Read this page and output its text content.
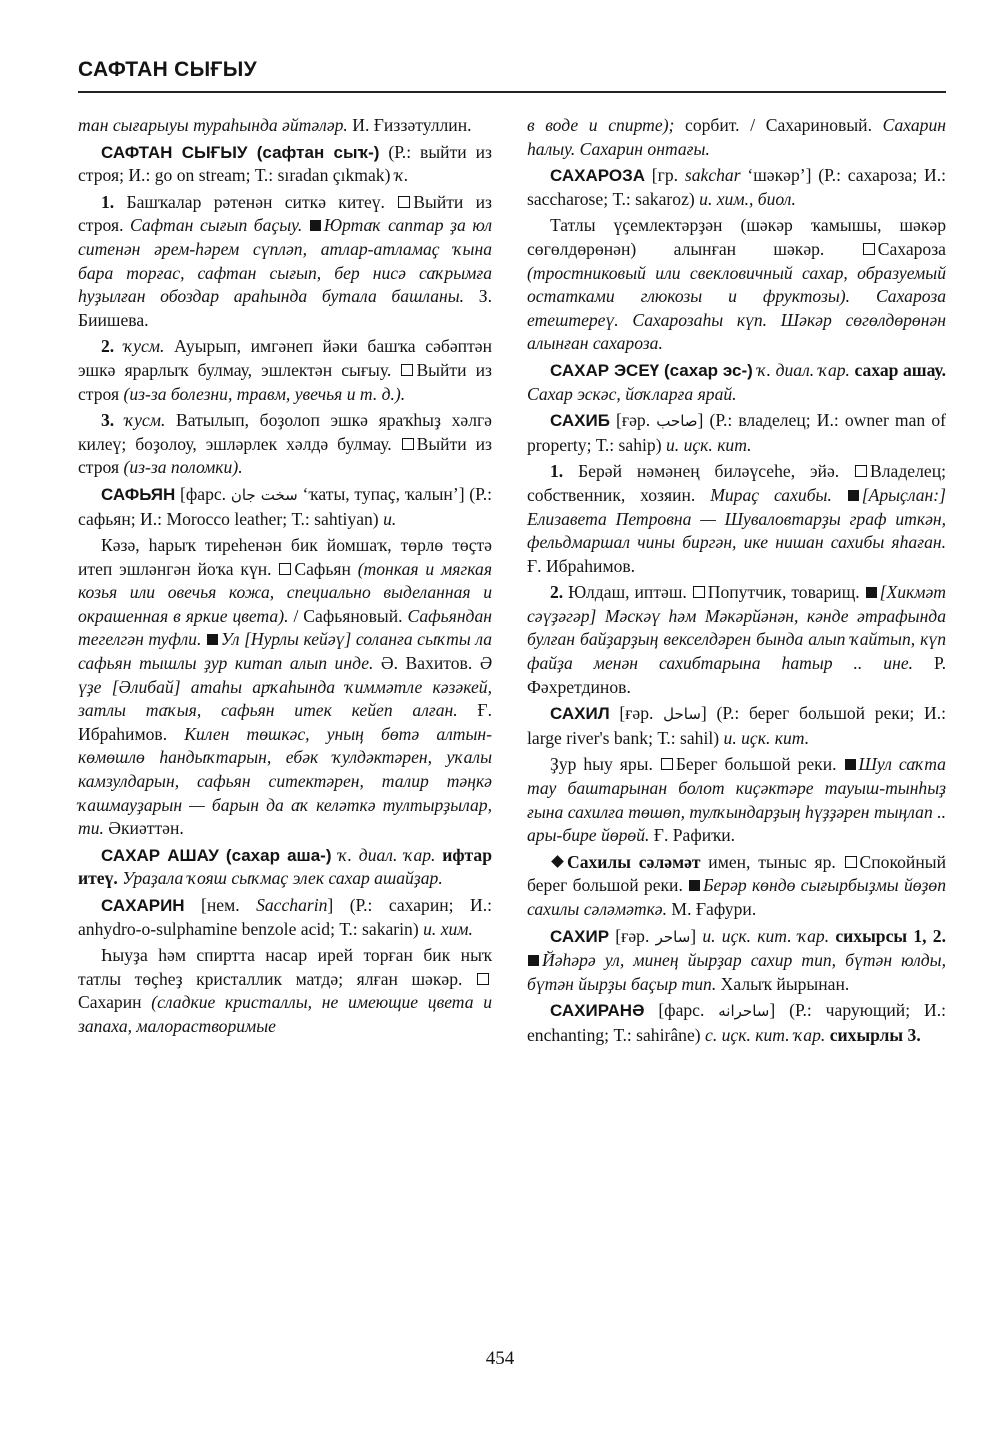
САФТАН СЫҒЫУ

тан сығарыуы тураһында әйтәләр. И. Ғиззәтуллин.

САФТАН СЫҒЫУ (сафтан сыҡ-) (Р.: выйти из строя; И.: go on stream; Т.: sıradan çıkmak) ҡ.

1. Башҡалар рәтенән ситкә китеү. Выйти из строя. Сафтан сығып баҫыу. Юртаҡ саптар ҙа юл ситенән әрем-һәрем сүпләп, атлар-атламаҫ ҡына бара торғас, сафтан сығып, бер нисә саҡрымға һуҙылған обоздар араһында бутала башланы. З. Биишева.

2. ҡусм. Ауырып, имгәнеп йәки башҡа сәбәптән эшкә ярарлыҡ булмау, эшлектән сығыу. Выйти из строя (из-за болезни, травм, увечья и т. д.).

3. ҡусм. Ватылып, боҙолоп эшкә яраҡһыҙ хәлгә килеү; боҙолоу, эшләрлек хәлдә булмау. Выйти из строя (из-за поломки).

САФЬЯН [фарс. سخت جان ‘ҡаты, тупаҫ, ҡалын’] (Р.: сафьян; И.: Morocco leather; Т.: sahtiyan) и.

Кәзә, һарыҡ тиреһенән бик йомшаҡ, төрлө төҫтә итеп эшләнгән йоҡа күн. Сафьян (тонкая и мягкая козья или овечья кожа, специально выделанная и окрашенная в яркие цвета). / Сафьяновый. Сафьяндан тегелгән туфли. Ул [Нурлы кейәү] соланға сыҡты ла сафьян тышлы ҙур китап алып инде. Ә. Вахитов. Ә үҙе [Әлибай] атаһы арҡаһында ҡиммәтле кәзәкей, затлы таҡыя, сафьян итек кейеп алған. Ғ. Ибраһимов. Килен төшкәс, уның бөтә алтын-көмөшлө һандыҡтарын, ебәк ҡулдәктәрен, уҡалы камзулдарын, сафьян ситектәрен, талир тәңкә ҡашмауҙарын — барын да аҡ келәткә тултырҙылар, ти. Әкиәттән.

САХАР АШАУ (сахар аша-) ҡ. диал. ҡар. ифтар итеү. Ураҙала ҡояш сыҡмаҫ элек сахар ашайҙар.

САХАРИН [нем. Saccharin] (Р.: сахарин; И.: anhydro-o-sulphamine benzole acid; Т.: sakarin) и. хим.

Һыуҙа һәм спиртта насар ирей торған бик ныҡ татлы төҫһеҙ кристаллик матдә; ялған шәкәр. Сахарин (сладкие кристаллы, не имеющие цвета и запаха, малорастворимые

в воде и спирте); сорбит. / Сахариновый. Сахарин һалыу. Сахарин онтағы.

САХАРОЗА [гр. sakchar ‘шәкәр’] (Р.: сахароза; И.: saccharose; Т.: sakaroz) и. хим., биол.

Татлы үҫемлектәрҙән (шәкәр ҡамышы, шәкәр сөгөлдөрөнән) алынған шәкәр. Сахароза (тростниковый или свекловичный сахар, образуемый остатками глюкозы и фруктозы). Сахароза етештереү. Сахарозаһы күп. Шәкәр сөгөлдөрөнән алынған сахароза.

САХАР ЭСЕҮ (сахар эс-) ҡ. диал. ҡар. сахар ашау. Сахар эскәс, йоҡларға ярай.

САХИБ [ғәр. صاحب] (Р.: владелец; И.: owner man of property; Т.: sahip) и. иҫк. кит.

1. Берәй нәмәнең биләүсеһе, эйә. Владелец; собственник, хозяин. Мираҫ сахибы. [Арыҫлан:] Елизавета Петровна — Шуваловтарҙы граф иткән, фельдмаршал чины биргән, ике нишан сахибы яһаған. Ғ. Ибраһимов.

2. Юлдаш, иптәш. Попутчик, товарищ. [Хикмәт сәүҙәгәр] Мәскәү һәм Мәкәрйәнән, кәнде әтрафында булған байҙарҙың векселдәрен бында алып ҡайтып, күп файҙа менән сахибтарына һатыр .. ине. Р. Фәхретдинов.

САХИЛ [ғәр. ساحل] (Р.: берег большой реки; И.: large river's bank; Т.: sahil) и. иҫк. кит.

Ҙур һыу яры. Берег большой реки. Шул саҡта тау баштарынан болот киҫәктәре тауыш-тынһыҙ ғына сахилға төшөп, тулҡындарҙың һүҙҙәрен тыңлап .. ары-бире йөрөй. Ғ. Рафиҡи.

Сахилы сәләмәт имен, тыныс яр. Спокойный берег большой реки. Берәр көндө сығырбыҙмы йөҙөп сахилы сәләмәткә. М. Ғафури.

САХИР [ғәр. ساحر] и. иҫк. кит. ҡар. сихырсы 1, 2. Йәһәрә ул, минең йырҙар сахир тип, бүтән юлды, бүтән йырҙы баҫыр тип. Халыҡ йырынан.

САХИРАНӘ [фарс. ساحرانه] (Р.: чарующий; И.: enchanting; Т.: sahirâne) с. иҫк. кит. ҡар. сихырлы 3.

454
